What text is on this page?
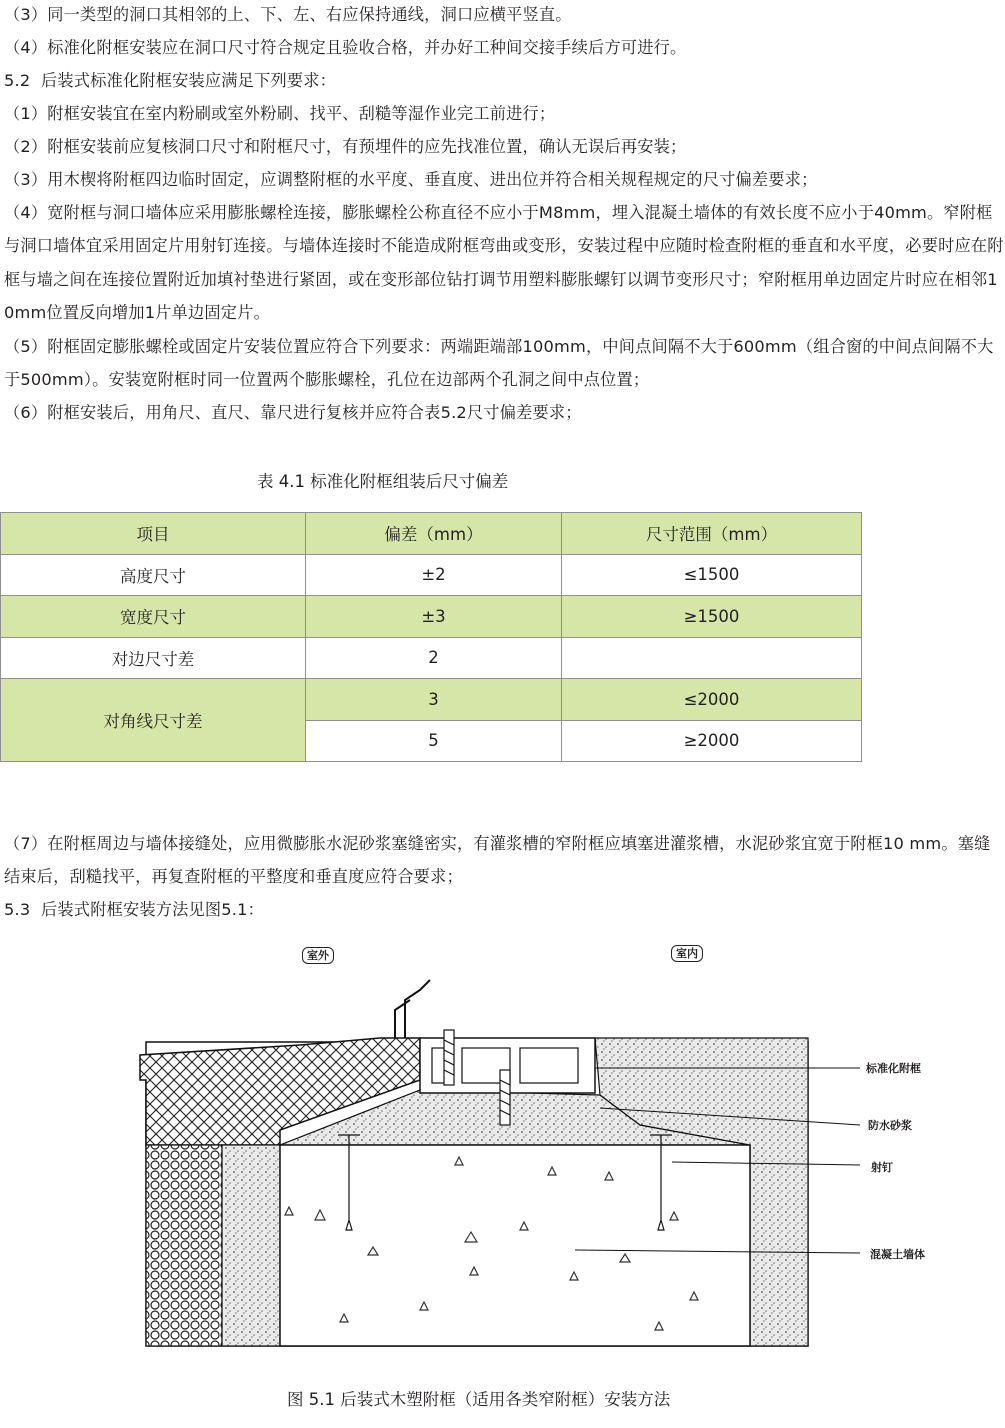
（3）同一类型的洞口其相邻的上、下、左、右应保持通线，洞口应横平竖直。

（4）标准化附框安装应在洞口尺寸符合规定且验收合格，并办好工种间交接手续后方可进行。

5.2  后装式标准化附框安装应满足下列要求：

（1）附框安装宜在室内粉刷或室外粉刷、找平、刮糙等湿作业完工前进行；

（2）附框安装前应复核洞口尺寸和附框尺寸，有预埋件的应先找准位置，确认无误后再安装；

（3）用木楔将附框四边临时固定，应调整附框的水平度、垂直度、进出位并符合相关规程规定的尺寸偏差要求；

（4）宽附框与洞口墙体应采用膨胀螺栓连接，膨胀螺栓公称直径不应小于M8mm，埋入混凝土墙体的有效长度不应小于40mm。窄附框与洞口墙体宜采用固定片用射钉连接。与墙体连接时不能造成附框弯曲或变形，安装过程中应随时检查附框的垂直和水平度，必要时应在附框与墙之间在连接位置附近加填衬垫进行紧固，或在变形部位钻打调节用塑料膨胀螺钉以调节变形尺寸；窄附框用单边固定片时应在相邻10mm位置反向增加1片单边固定片。

（5）附框固定膨胀螺栓或固定片安装位置应符合下列要求：两端距端部100mm，中间点间隔不大于600mm（组合窗的中间点间隔不大于500mm）。安装宽附框时同一位置两个膨胀螺栓，孔位在边部两个孔洞之间中点位置；

（6）附框安装后，用角尺、直尺、靠尺进行复核并应符合表5.2尺寸偏差要求；

表 4.1 标准化附框组装后尺寸偏差
项目	偏差（mm）	尺寸范围（mm）
高度尺寸	±2	≤1500
宽度尺寸	±3	≥1500
对边尺寸差	2	
对角线尺寸差	3	≤2000
	5	≥2000

（7）在附框周边与墙体接缝处，应用微膨胀水泥砂浆塞缝密实，有灌浆槽的窄附框应填塞进灌浆槽，水泥砂浆宜宽于附框10 mm。塞缝结束后，刮糙找平，再复查附框的平整度和垂直度应符合要求；

5.3  后装式附框安装方法见图5.1：

室外	室内
标准化附框
防水砂浆
射钉
混凝土墙体
图 5.1 后装式木塑附框（适用各类窄附框）安装方法
